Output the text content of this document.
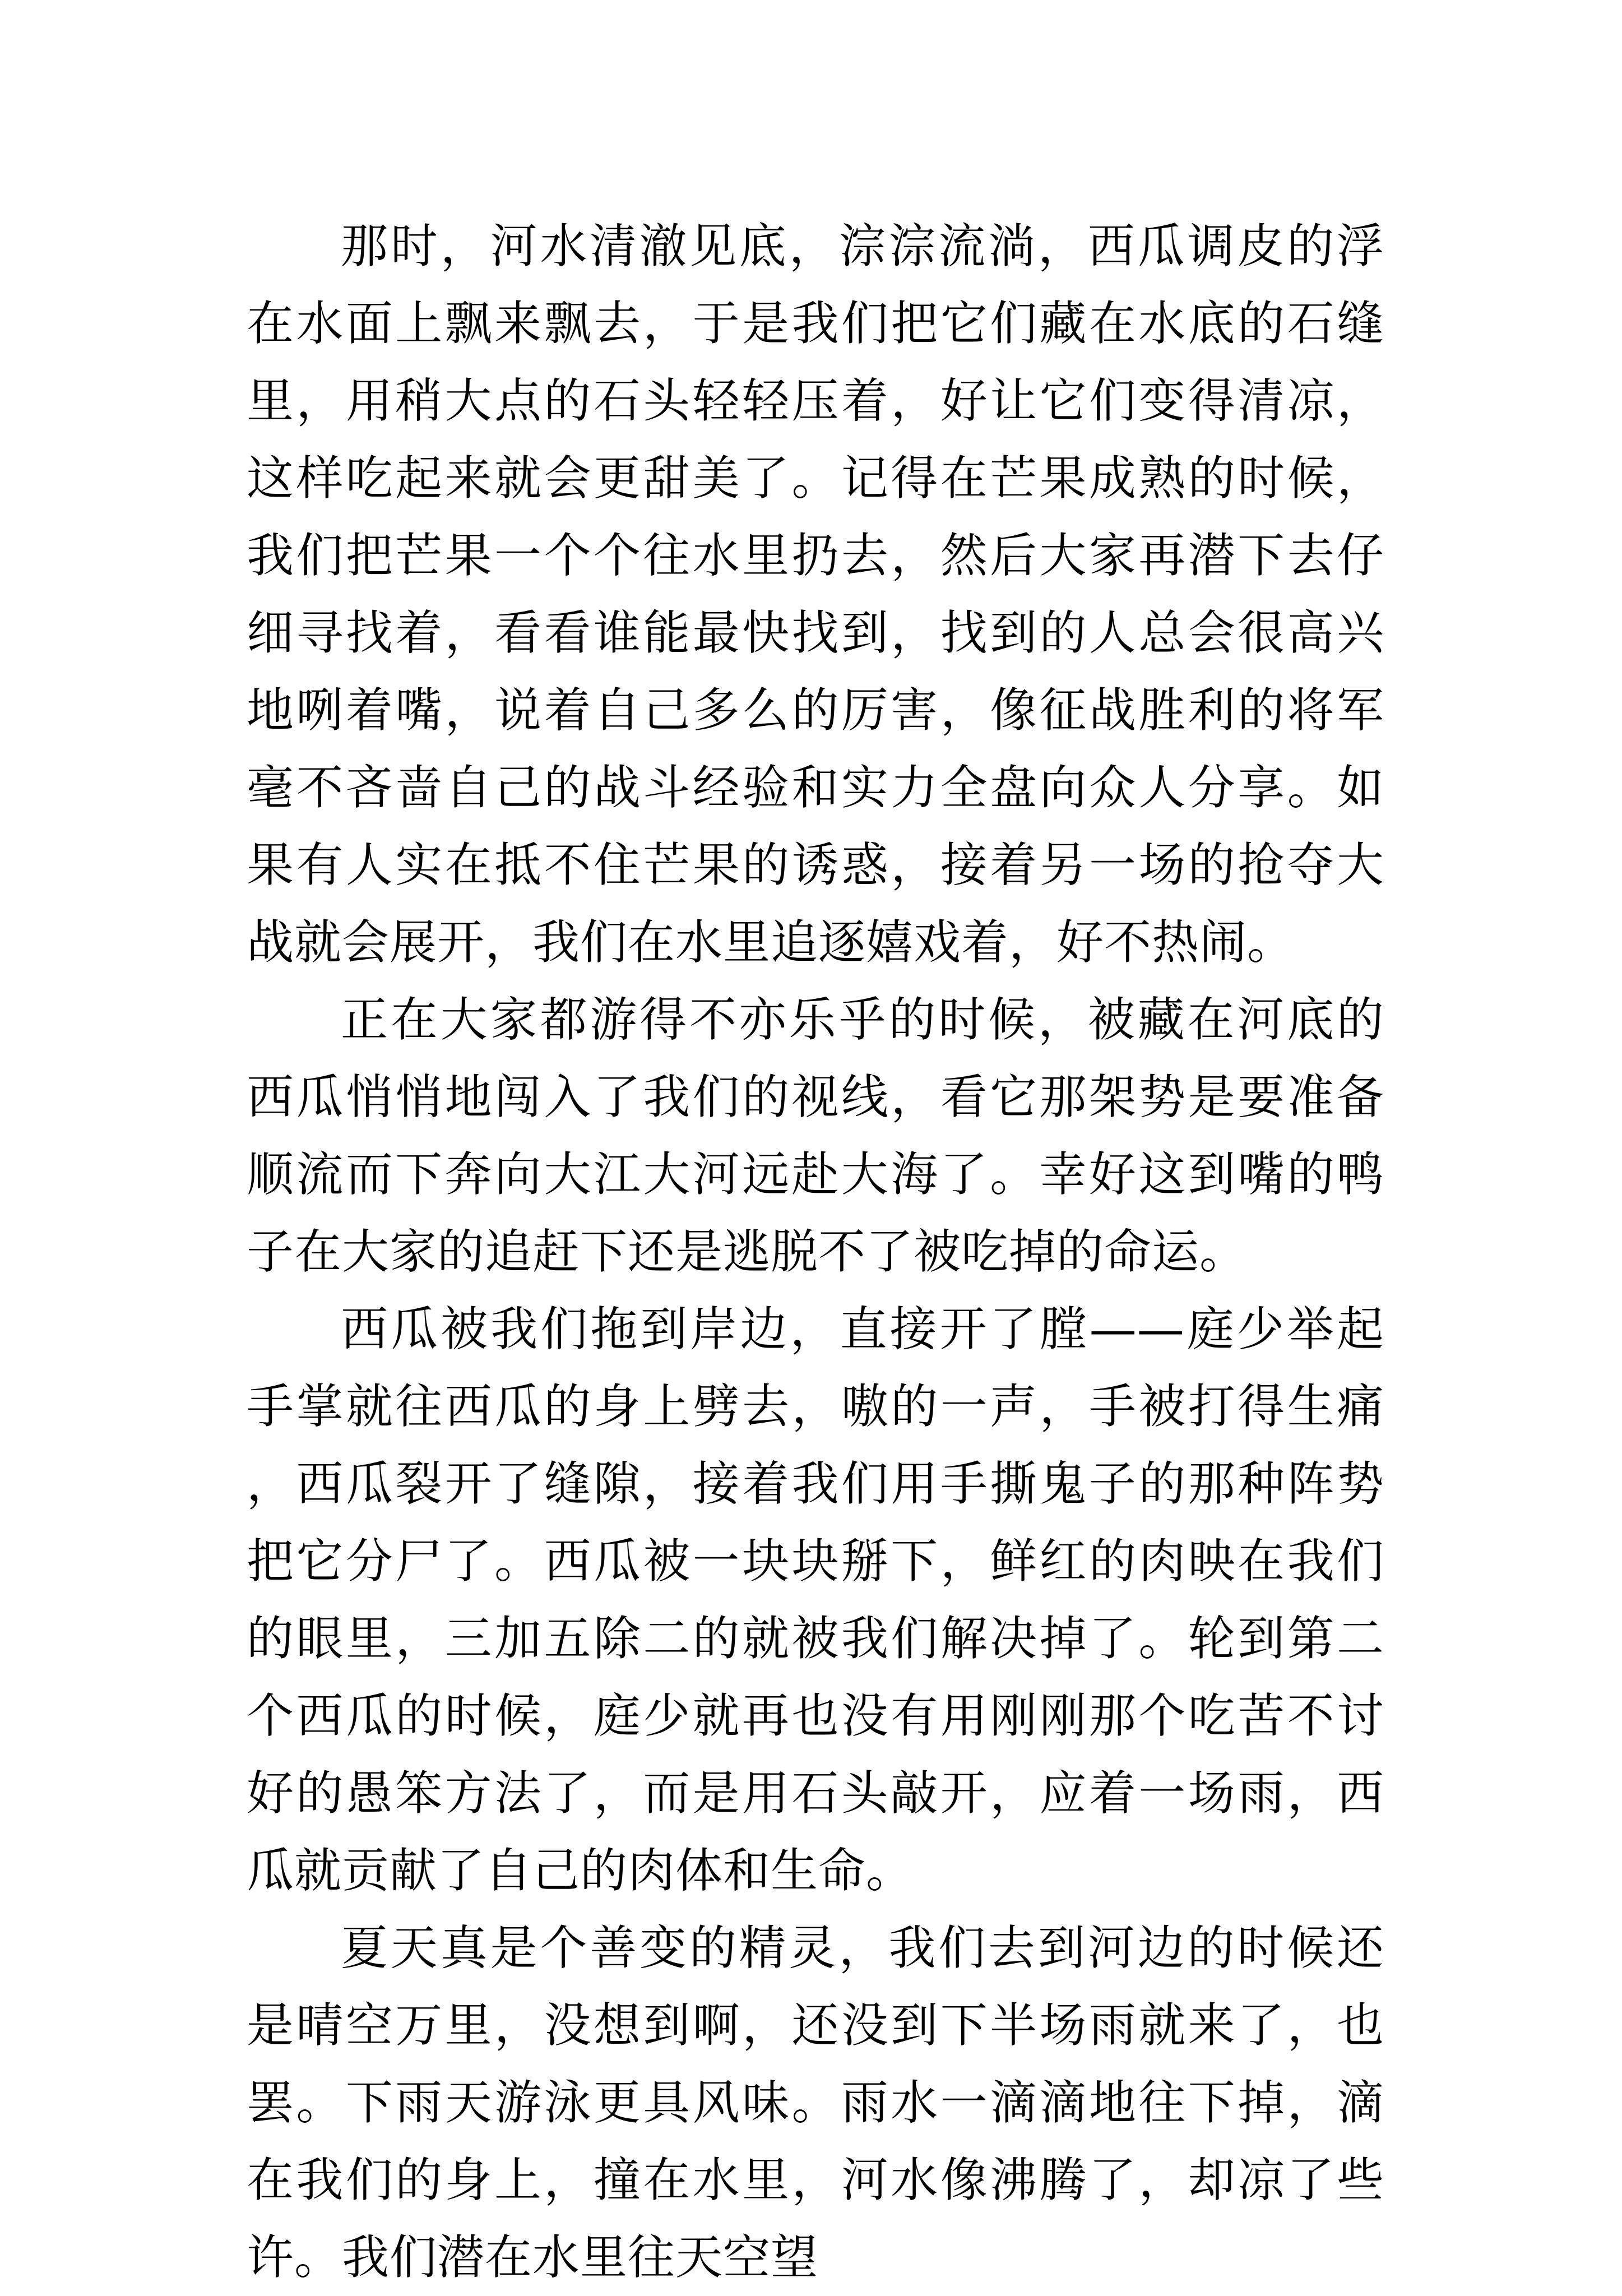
那时，河水清澈见底，淙淙流淌，西瓜调皮的浮在水面上飘来飘去，于是我们把它们藏在水底的石缝里，用稍大点的石头轻轻压着，好让它们变得清凉，这样吃起来就会更甜美了。记得在芒果成熟的时候，我们把芒果一个个往水里扔去，然后大家再潜下去仔细寻找着，看看谁能最快找到，找到的人总会很高兴地咧着嘴，说着自己多么的厉害，像征战胜利的将军毫不吝啬自己的战斗经验和实力全盘向众人分享。如果有人实在抵不住芒果的诱惑，接着另一场的抢夺大战就会展开，我们在水里追逐嬉戏着，好不热闹。

正在大家都游得不亦乐乎的时候，被藏在河底的西瓜悄悄地闯入了我们的视线，看它那架势是要准备顺流而下奔向大江大河远赴大海了。幸好这到嘴的鸭子在大家的追赶下还是逃脱不了被吃掉的命运。

西瓜被我们拖到岸边，直接开了膛——庭少举起手掌就往西瓜的身上劈去，嗷的一声，手被打得生痛，西瓜裂开了缝隙，接着我们用手撕鬼子的那种阵势把它分尸了。西瓜被一块块掰下，鲜红的肉映在我们的眼里，三加五除二的就被我们解决掉了。轮到第二个西瓜的时候，庭少就再也没有用刚刚那个吃苦不讨好的愚笨方法了，而是用石头敲开，应着一场雨，西瓜就贡献了自己的肉体和生命。

夏天真是个善变的精灵，我们去到河边的时候还是晴空万里，没想到啊，还没到下半场雨就来了，也罢。下雨天游泳更具风味。雨水一滴滴地往下掉，滴在我们的身上，撞在水里，河水像沸腾了，却凉了些许。我们潜在水里往天空望
